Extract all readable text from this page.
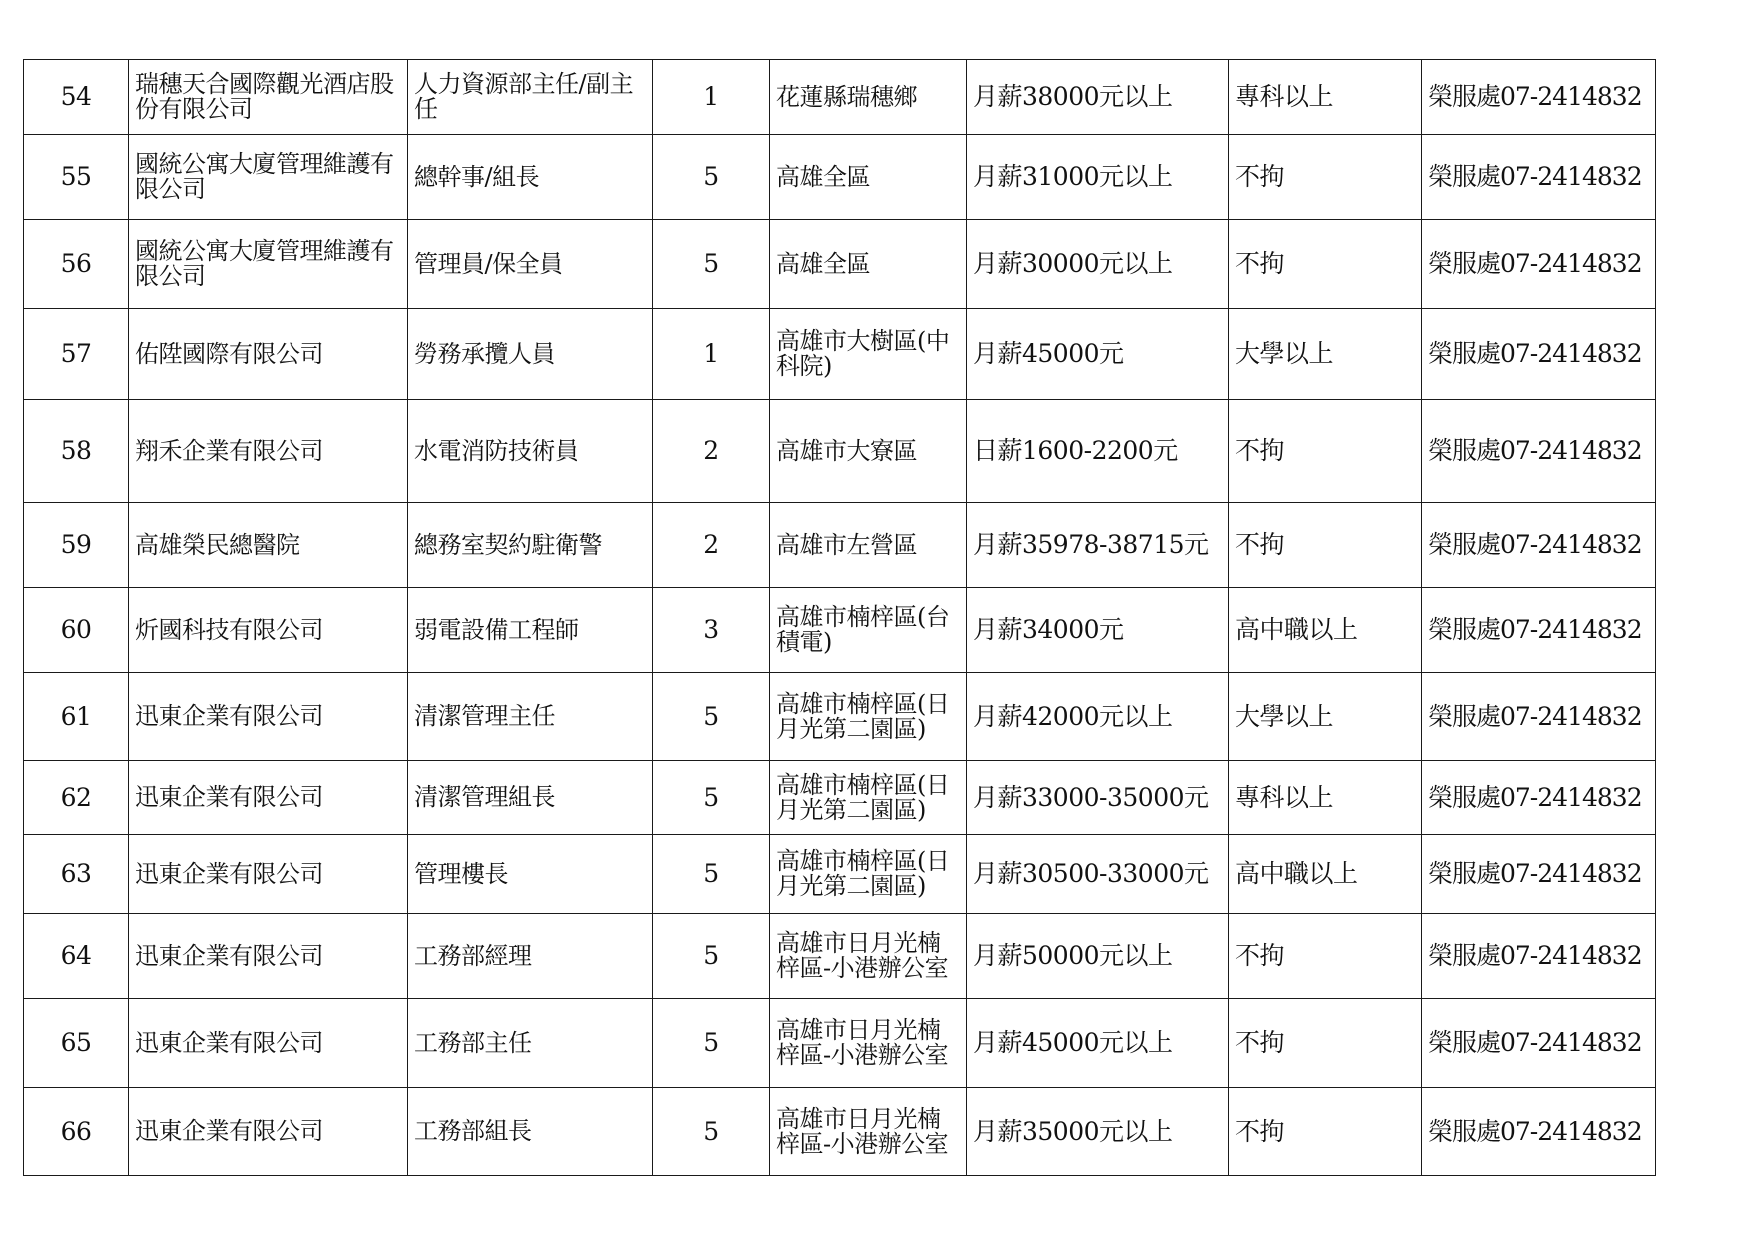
54	瑞穗天合國際觀光酒店股份有限公司	人力資源部主任/副主任	1	花蓮縣瑞穗鄉	月薪38000元以上	專科以上	榮服處07-2414832
55	國統公寓大廈管理維護有限公司	總幹事/組長	5	高雄全區	月薪31000元以上	不拘	榮服處07-2414832
56	國統公寓大廈管理維護有限公司	管理員/保全員	5	高雄全區	月薪30000元以上	不拘	榮服處07-2414832
57	佑陞國際有限公司	勞務承攬人員	1	高雄市大樹區(中科院)	月薪45000元	大學以上	榮服處07-2414832
58	翔禾企業有限公司	水電消防技術員	2	高雄市大寮區	日薪1600-2200元	不拘	榮服處07-2414832
59	高雄榮民總醫院	總務室契約駐衛警	2	高雄市左營區	月薪35978-38715元	不拘	榮服處07-2414832
60	炘國科技有限公司	弱電設備工程師	3	高雄市楠梓區(台積電)	月薪34000元	高中職以上	榮服處07-2414832
61	迅東企業有限公司	清潔管理主任	5	高雄市楠梓區(日月光第二園區)	月薪42000元以上	大學以上	榮服處07-2414832
62	迅東企業有限公司	清潔管理組長	5	高雄市楠梓區(日月光第二園區)	月薪33000-35000元	專科以上	榮服處07-2414832
63	迅東企業有限公司	管理樓長	5	高雄市楠梓區(日月光第二園區)	月薪30500-33000元	高中職以上	榮服處07-2414832
64	迅東企業有限公司	工務部經理	5	高雄市日月光楠梓區-小港辦公室	月薪50000元以上	不拘	榮服處07-2414832
65	迅東企業有限公司	工務部主任	5	高雄市日月光楠梓區-小港辦公室	月薪45000元以上	不拘	榮服處07-2414832
66	迅東企業有限公司	工務部組長	5	高雄市日月光楠梓區-小港辦公室	月薪35000元以上	不拘	榮服處07-2414832
